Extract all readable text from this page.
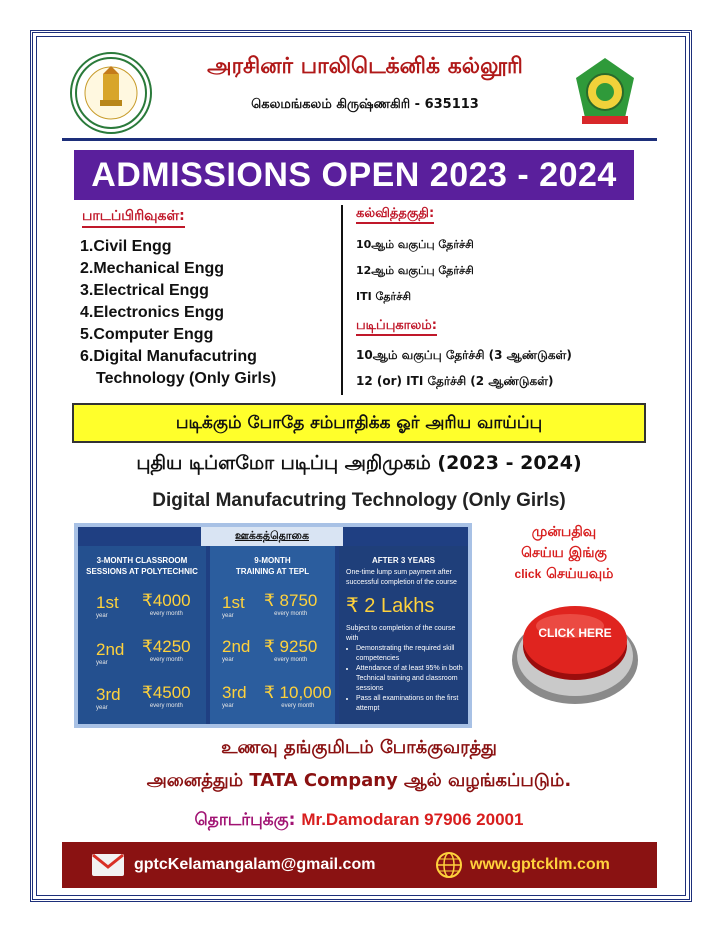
அரசினர் பாலிடெக்னிக் கல்லூரி
கெலமங்கலம் கிருஷ்ணகிரி - 635113
ADMISSIONS OPEN 2023 - 2024
பாடப்பிரிவுகள்:
1.Civil Engg
2.Mechanical Engg
3.Electrical Engg
4.Electronics Engg
5.Computer Engg
6.Digital Manufacutring
Technology (Only Girls)
கல்வித்தகுதி:
10ஆம் வகுப்பு தேர்ச்சி
12ஆம் வகுப்பு தேர்ச்சி
ITI தேர்ச்சி
படிப்புகாலம்:
10ஆம் வகுப்பு தேர்ச்சி (3 ஆண்டுகள்)
12 (or) ITI தேர்ச்சி (2 ஆண்டுகள்)
படிக்கும் போதே சம்பாதிக்க ஓர் அரிய வாய்ப்பு
புதிய டிப்ளமோ படிப்பு அறிமுகம் (2023 - 2024)
Digital Manufacutring Technology (Only Girls)
ஊக்கத்தொகை
3-MONTH CLASSROOM
SESSIONS AT POLYTECHNIC
9-MONTH
TRAINING AT TEPL
AFTER 3 YEARS
1st
year
₹4000
every month
2nd
year
₹4250
every month
3rd
year
₹4500
every month
1st
year
₹ 8750
every month
2nd
year
₹ 9250
every month
3rd
year
₹ 10,000
every month
One-time lump sum payment after
successful completion of the course
₹ 2 Lakhs
Subject to completion of the course
with
• Demonstrating the required skill competencies
• Attendance of at least 95% in both Technical training and classroom sessions
• Pass all examinations on the first attempt
முன்பதிவு
செய்ய இங்கு
click செய்யவும்
CLICK HERE
உணவு தங்குமிடம் போக்குவரத்து
அனைத்தும் TATA Company ஆல் வழங்கப்படும்.
தொடர்புக்கு: Mr.Damodaran 97906 20001
gptcKelamangalam@gmail.com	www.gptcklm.com
